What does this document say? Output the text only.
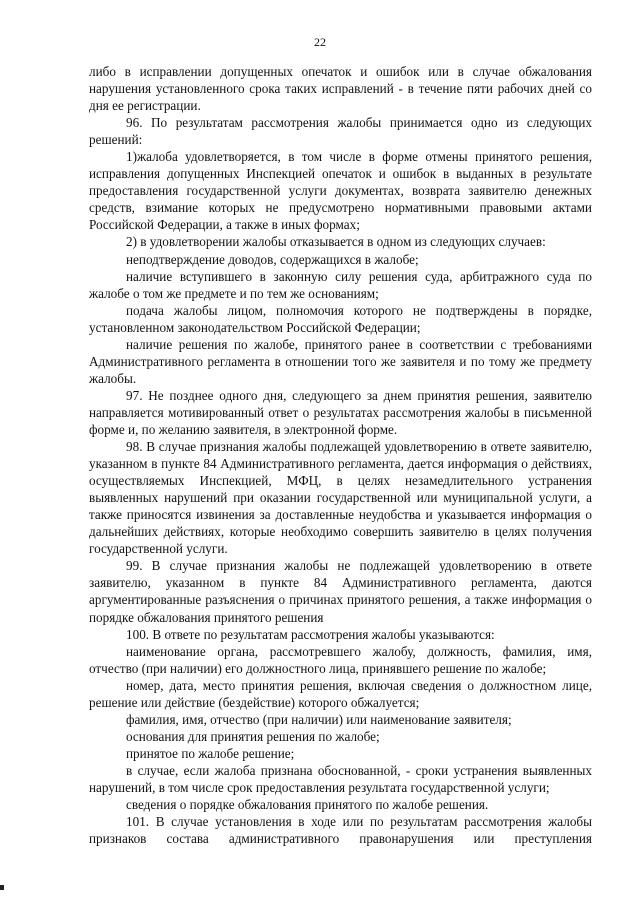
22

либо в исправлении допущенных опечаток и ошибок или в случае обжалования нарушения установленного срока таких исправлений - в течение пяти рабочих дней со дня ее регистрации.

96. По результатам рассмотрения жалобы принимается одно из следующих решений:

1)жалоба удовлетворяется, в том числе в форме отмены принятого решения, исправления допущенных Инспекцией опечаток и ошибок в выданных в результате предоставления государственной услуги документах, возврата заявителю денежных средств, взимание которых не предусмотрено нормативными правовыми актами Российской Федерации, а также в иных формах;

2) в удовлетворении жалобы отказывается в одном из следующих случаев:

неподтверждение доводов, содержащихся в жалобе;

наличие вступившего в законную силу решения суда, арбитражного суда по жалобе о том же предмете и по тем же основаниям;

подача жалобы лицом, полномочия которого не подтверждены в порядке, установленном законодательством Российской Федерации;

наличие решения по жалобе, принятого ранее в соответствии с требованиями Административного регламента в отношении того же заявителя и по тому же предмету жалобы.

97. Не позднее одного дня, следующего за днем принятия решения, заявителю направляется мотивированный ответ о результатах рассмотрения жалобы в письменной форме и, по желанию заявителя, в электронной форме.

98. В случае признания жалобы подлежащей удовлетворению в ответе заявителю, указанном в пункте 84 Административного регламента, дается информация о действиях, осуществляемых Инспекцией, МФЦ, в целях незамедлительного устранения выявленных нарушений при оказании государственной или муниципальной услуги, а также приносятся извинения за доставленные неудобства и указывается информация о дальнейших действиях, которые необходимо совершить заявителю в целях получения государственной услуги.

99. В случае признания жалобы не подлежащей удовлетворению в ответе заявителю, указанном в пункте 84 Административного регламента, даются аргументированные разъяснения о причинах принятого решения, а также информация о порядке обжалования принятого решения

100. В ответе по результатам рассмотрения жалобы указываются:

наименование органа, рассмотревшего жалобу, должность, фамилия, имя, отчество (при наличии) его должностного лица, принявшего решение по жалобе;

номер, дата, место принятия решения, включая сведения о должностном лице, решение или действие (бездействие) которого обжалуется;

фамилия, имя, отчество (при наличии) или наименование заявителя;

основания для принятия решения по жалобе;

принятое по жалобе решение;

в случае, если жалоба признана обоснованной, - сроки устранения выявленных нарушений, в том числе срок предоставления результата государственной услуги;

сведения о порядке обжалования принятого по жалобе решения.

101. В случае установления в ходе или по результатам рассмотрения жалобы признаков состава административного правонарушения или преступления
